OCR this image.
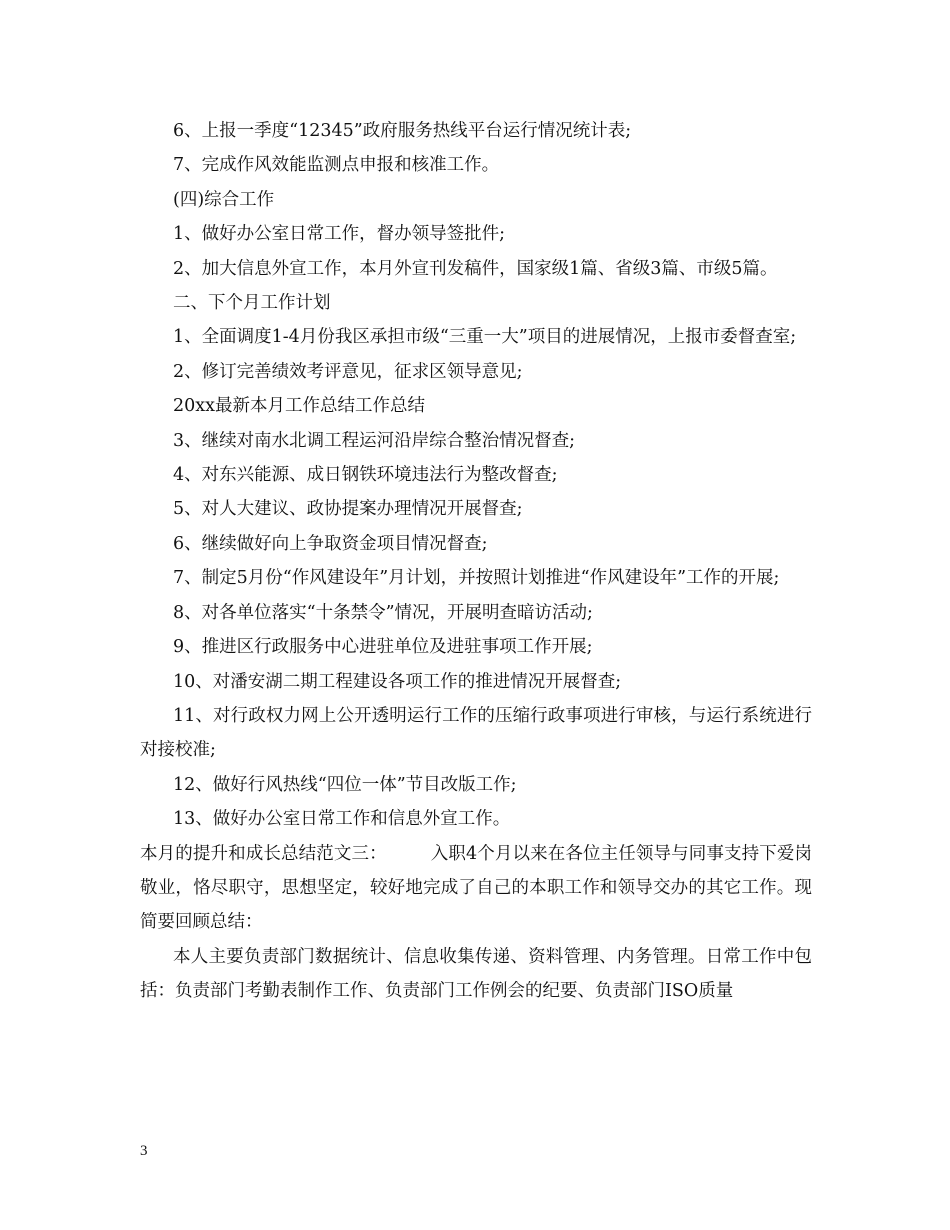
6、上报一季度“12345”政府服务热线平台运行情况统计表;

7、完成作风效能监测点申报和核准工作。

(四)综合工作

1、做好办公室日常工作，督办领导签批件;

2、加大信息外宣工作，本月外宣刊发稿件，国家级1篇、省级3篇、市级5篇。

二、下个月工作计划

1、全面调度1-4月份我区承担市级“三重一大”项目的进展情况，上报市委督查室;

2、修订完善绩效考评意见，征求区领导意见;

20xx最新本月工作总结工作总结

3、继续对南水北调工程运河沿岸综合整治情况督查;

4、对东兴能源、成日钢铁环境违法行为整改督查;

5、对人大建议、政协提案办理情况开展督查;

6、继续做好向上争取资金项目情况督查;

7、制定5月份“作风建设年”月计划，并按照计划推进“作风建设年”工作的开展;

8、对各单位落实“十条禁令”情况，开展明查暗访活动;

9、推进区行政服务中心进驻单位及进驻事项工作开展;

10、对潘安湖二期工程建设各项工作的推进情况开展督查;

11、对行政权力网上公开透明运行工作的压缩行政事项进行审核，与运行系统进行对接校准;

12、做好行风热线“四位一体”节目改版工作;

13、做好办公室日常工作和信息外宣工作。

本月的提升和成长总结范文三：　　　入职4个月以来在各位主任领导与同事支持下爱岗敬业，恪尽职守，思想坚定，较好地完成了自己的本职工作和领导交办的其它工作。现简要回顾总结：

本人主要负责部门数据统计、信息收集传递、资料管理、内务管理。日常工作中包括：负责部门考勤表制作工作、负责部门工作例会的纪要、负责部门ISO质量

3
